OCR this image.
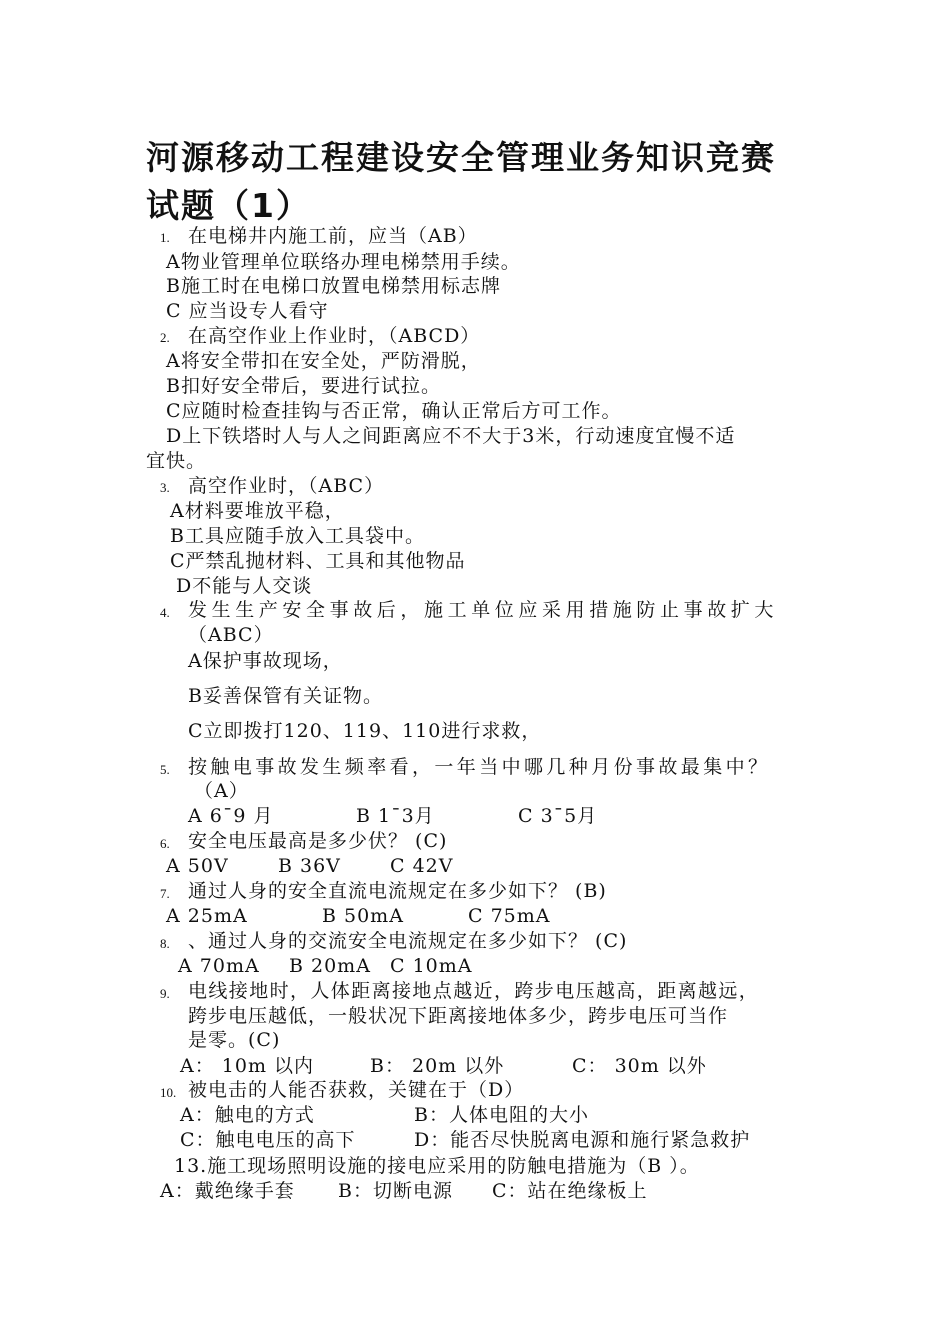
河源移动工程建设安全管理业务知识竞赛
试题（1）
1. 在电梯井内施工前，应当（AB）
A物业管理单位联络办理电梯禁用手续。
B施工时在电梯口放置电梯禁用标志牌
C 应当设专人看守
2. 在高空作业上作业时，（ABCD）
A将安全带扣在安全处，严防滑脱，
B扣好安全带后，要进行试拉。
C应随时检查挂钩与否正常，确认正常后方可工作。
D上下铁塔时人与人之间距离应不不大于3米，行动速度宜慢不适
宜快。
3. 高空作业时，（ABC）
A材料要堆放平稳，
B工具应随手放入工具袋中。
C严禁乱抛材料、工具和其他物品
D不能与人交谈
4. 发生生产安全事故后，施工单位应采用措施防止事故扩大
（ABC）
A保护事故现场，
B妥善保管有关证物。
C立即拨打120、119、110进行求救，
5. 按触电事故发生频率看，一年当中哪几种月份事故最集中？
（A）
A 6¯9 月	B 1¯3月	C 3¯5月
6. 安全电压最高是多少伏？ (C)
A 50V	B 36V	C 42V
7. 通过人身的安全直流电流规定在多少如下？ (B)
A 25mA	B 50mA	C 75mA
8. 、通过人身的交流安全电流规定在多少如下？ (C)
A 70mA B 20mA C 10mA
9. 电线接地时，人体距离接地点越近，跨步电压越高，距离越远，
跨步电压越低，一般状况下距离接地体多少，跨步电压可当作
是零。(C)
A： 10m 以内	B： 20m 以外	C： 30m 以外
10. 被电击的人能否获救，关键在于（D）
A：触电的方式	B：人体电阻的大小
C：触电电压的高下	D：能否尽快脱离电源和施行紧急救护
13.施工现场照明设施的接电应采用的防触电措施为（B ）。
A：戴绝缘手套 B：切断电源 C：站在绝缘板上
